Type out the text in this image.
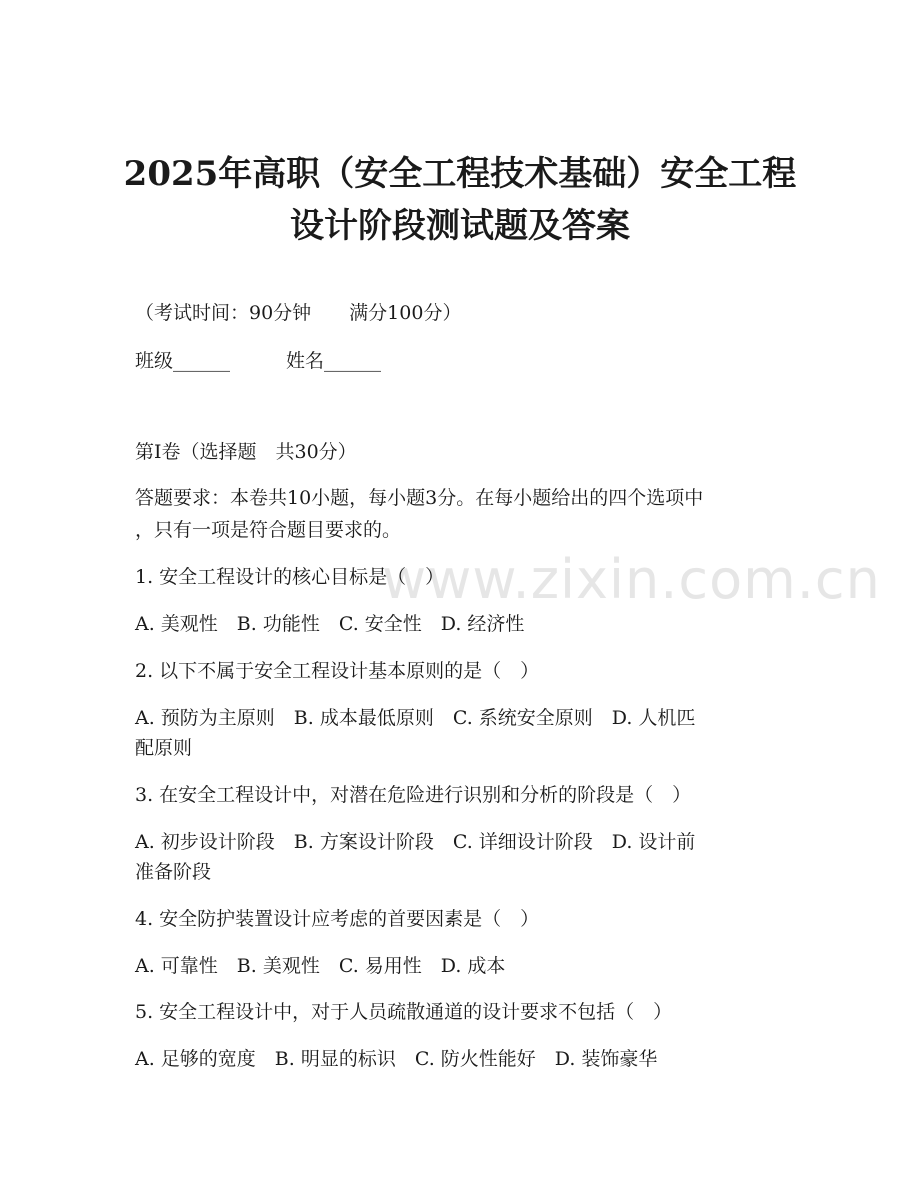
www.zixin.com.cn
2025年高职（安全工程技术基础）安全工程
设计阶段测试题及答案
（考试时间：90分钟　　满分100分）
班级______	姓名______
第Ⅰ卷（选择题　共30分）
答题要求：本卷共10小题，每小题3分。在每小题给出的四个选项中
，只有一项是符合题目要求的。
1. 安全工程设计的核心目标是（　）
A. 美观性　B. 功能性　C. 安全性　D. 经济性
2. 以下不属于安全工程设计基本原则的是（　）
A. 预防为主原则　B. 成本最低原则　C. 系统安全原则　D. 人机匹
配原则
3. 在安全工程设计中，对潜在危险进行识别和分析的阶段是（　）
A. 初步设计阶段　B. 方案设计阶段　C. 详细设计阶段　D. 设计前
准备阶段
4. 安全防护装置设计应考虑的首要因素是（　）
A. 可靠性　B. 美观性　C. 易用性　D. 成本
5. 安全工程设计中，对于人员疏散通道的设计要求不包括（　）
A. 足够的宽度　B. 明显的标识　C. 防火性能好　D. 装饰豪华
